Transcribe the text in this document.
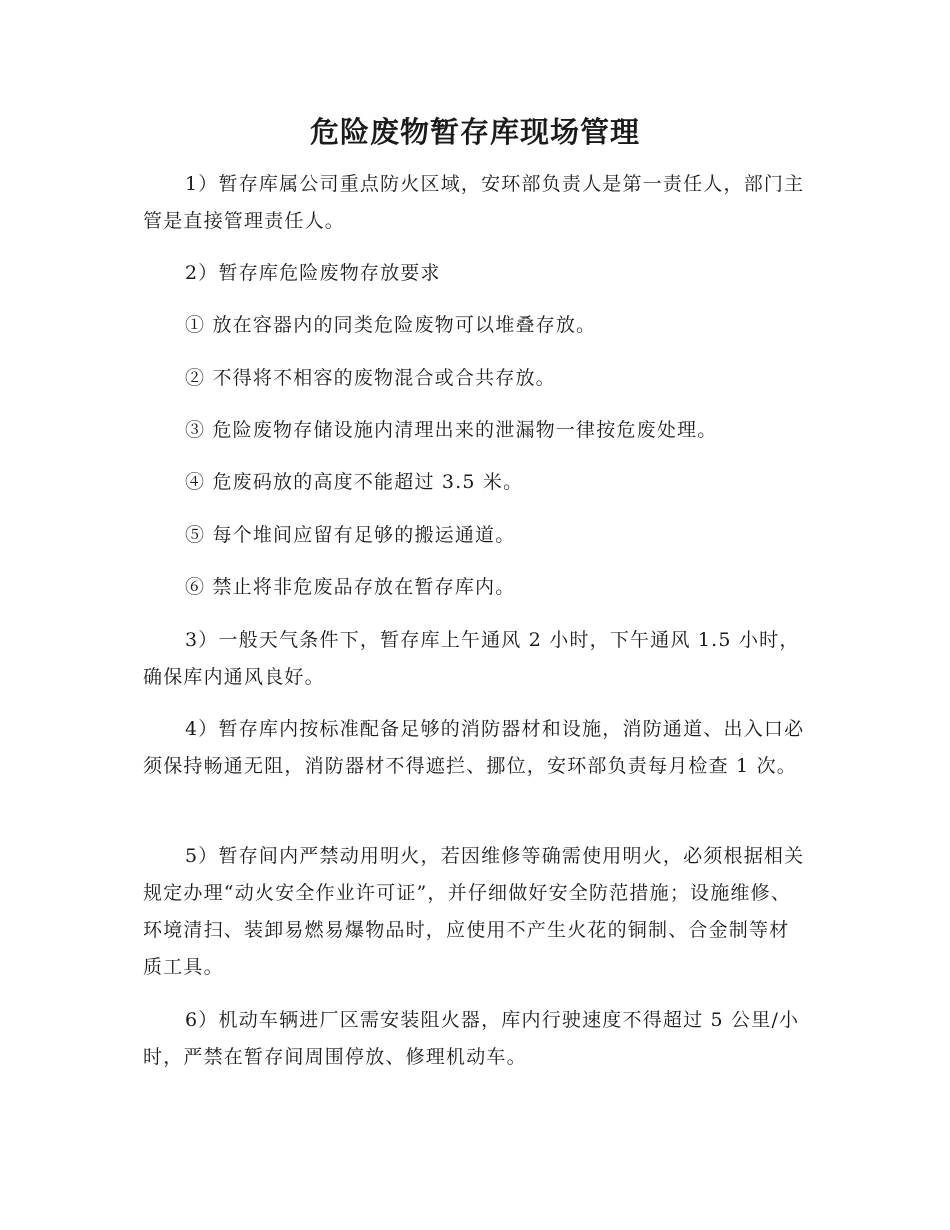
危险废物暂存库现场管理

1）暂存库属公司重点防火区域，安环部负责人是第一责任人，部门主管是直接管理责任人。

2）暂存库危险废物存放要求

① 放在容器内的同类危险废物可以堆叠存放。

② 不得将不相容的废物混合或合共存放。

③ 危险废物存储设施内清理出来的泄漏物一律按危废处理。

④ 危废码放的高度不能超过 3.5 米。

⑤ 每个堆间应留有足够的搬运通道。

⑥ 禁止将非危废品存放在暂存库内。

3）一般天气条件下，暂存库上午通风 2 小时，下午通风 1.5 小时，确保库内通风良好。

4）暂存库内按标准配备足够的消防器材和设施，消防通道、出入口必须保持畅通无阻，消防器材不得遮拦、挪位，安环部负责每月检查 1 次。

5）暂存间内严禁动用明火，若因维修等确需使用明火，必须根据相关规定办理“动火安全作业许可证”，并仔细做好安全防范措施；设施维修、环境清扫、装卸易燃易爆物品时，应使用不产生火花的铜制、合金制等材质工具。

6）机动车辆进厂区需安装阻火器，库内行驶速度不得超过 5 公里/小时，严禁在暂存间周围停放、修理机动车。
